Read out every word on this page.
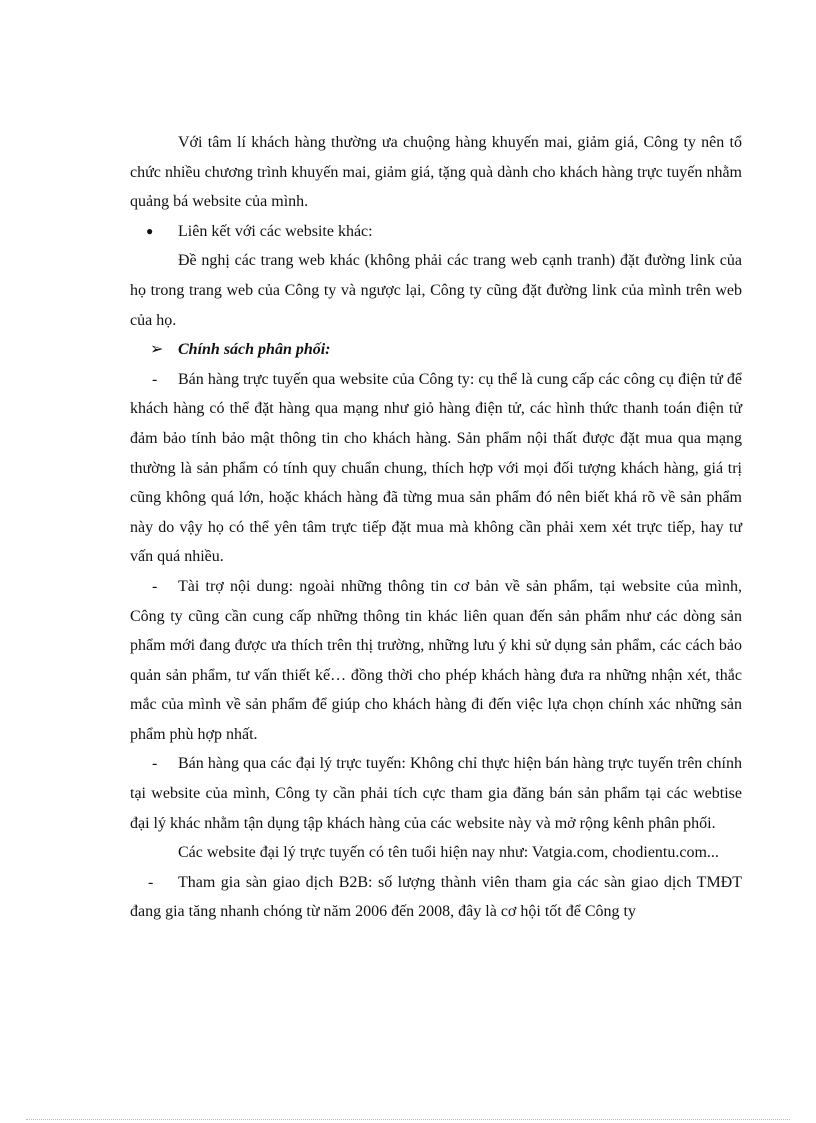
Với tâm lí khách hàng thường ưa chuộng hàng khuyến mai, giảm giá, Công ty nên tổ chức nhiều chương trình khuyến mai, giảm giá, tặng quà dành cho khách hàng trực tuyến nhằm quảng bá website của mình.

●	Liên kết với các website khác:

Đề nghị các trang web khác (không phải các trang web cạnh tranh) đặt đường link của họ trong trang web của Công ty và ngược lại, Công ty cũng đặt đường link của mình trên web của họ.

➢ Chính sách phân phối:

- Bán hàng trực tuyến qua website của Công ty: cụ thể là cung cấp các công cụ điện tử để khách hàng có thể đặt hàng qua mạng như giỏ hàng điện tử, các hình thức thanh toán điện tử đảm bảo tính bảo mật thông tin cho khách hàng. Sản phẩm nội thất được đặt mua qua mạng thường là sản phẩm có tính quy chuẩn chung, thích hợp với mọi đối tượng khách hàng, giá trị cũng không quá lớn, hoặc khách hàng đã từng mua sản phẩm đó nên biết khá rõ về sản phẩm này do vậy họ có thể yên tâm trực tiếp đặt mua mà không cần phải xem xét trực tiếp, hay tư vấn quá nhiều.

- Tài trợ nội dung: ngoài những thông tin cơ bản về sản phẩm, tại website của mình, Công ty cũng cần cung cấp những thông tin khác liên quan đến sản phẩm như các dòng sản phẩm mới đang được ưa thích trên thị trường, những lưu ý khi sử dụng sản phẩm, các cách bảo quản sản phẩm, tư vấn thiết kế… đồng thời cho phép khách hàng đưa ra những nhận xét, thắc mắc của mình về sản phẩm để giúp cho khách hàng đi đến việc lựa chọn chính xác những sản phẩm phù hợp nhất.

- Bán hàng qua các đại lý trực tuyến: Không chỉ thực hiện bán hàng trực tuyến trên chính tại website của mình, Công ty cần phải tích cực tham gia đăng bán sản phẩm tại các webtise đại lý khác nhằm tận dụng tập khách hàng của các website này và mở rộng kênh phân phối.

Các website đại lý trực tuyến có tên tuổi hiện nay như: Vatgia.com, chodientu.com...

- Tham gia sàn giao dịch B2B: số lượng thành viên tham gia các sàn giao dịch TMĐT đang gia tăng nhanh chóng từ năm 2006 đến 2008, đây là cơ hội tốt để Công ty
